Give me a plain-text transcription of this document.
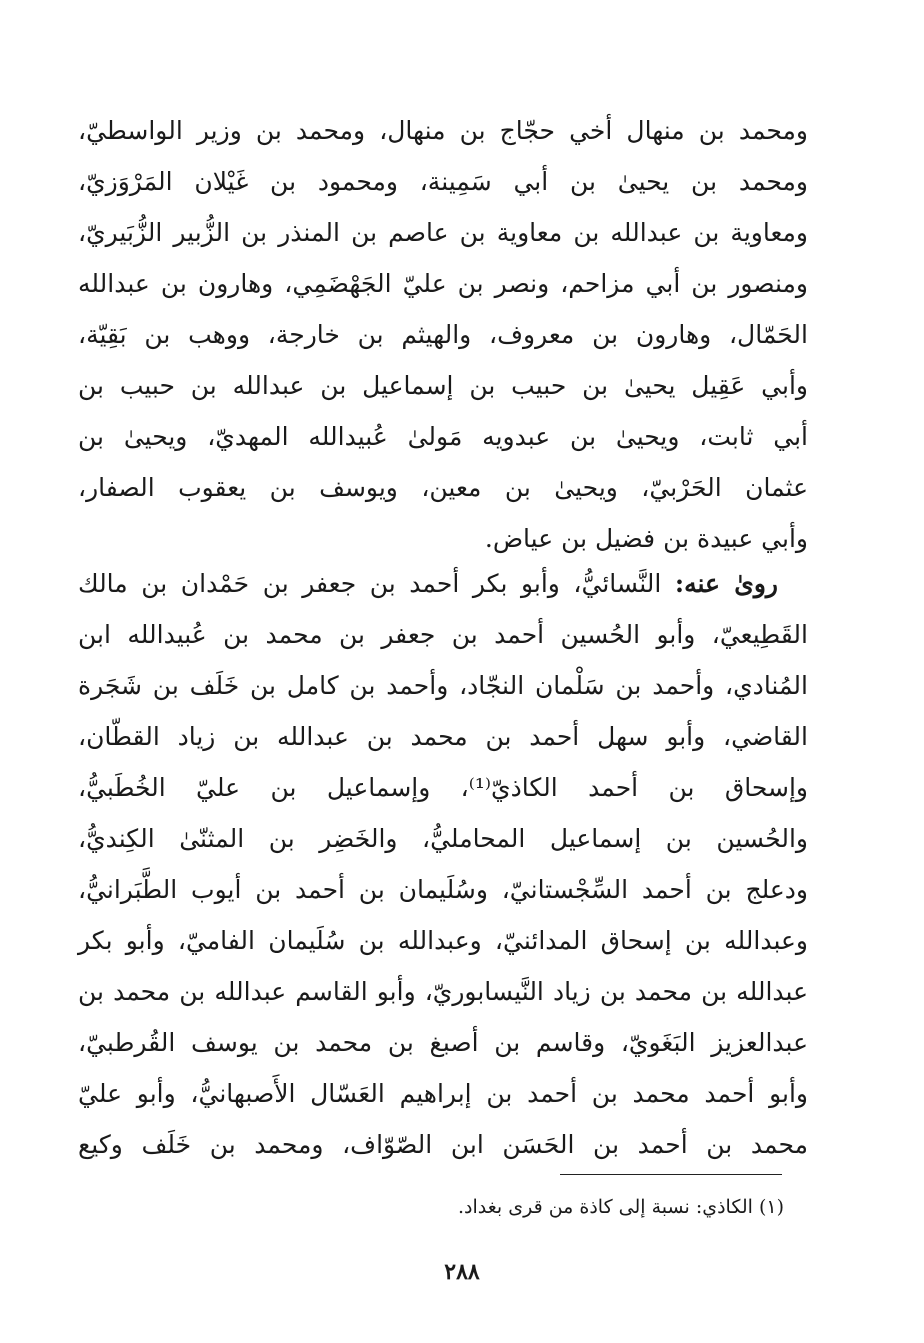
ومحمد بن منهال أخي حجّاج بن منهال، ومحمد بن وزير الواسطيّ،
ومحمد بن يحيىٰ بن أبي سَمِينة، ومحمود بن غَيْلان المَرْوَزيّ،
ومعاوية بن عبدالله بن معاوية بن عاصم بن المنذر بن الزُّبير الزُّبَيريّ،
ومنصور بن أبي مزاحم، ونصر بن عليّ الجَهْضَمِي، وهارون بن عبدالله
الحَمّال، وهارون بن معروف، والهيثم بن خارجة، ووهب بن بَقِيّة،
وأبي عَقِيل يحيىٰ بن حبيب بن إسماعيل بن عبدالله بن حبيب بن
أبي ثابت، ويحيىٰ بن عبدويه مَولىٰ عُبيدالله المهديّ، ويحيىٰ بن
عثمان الحَرْبيّ، ويحيىٰ بن معين، ويوسف بن يعقوب الصفار،
وأبي عبيدة بن فضيل بن عياض.
روىٰ عنه: النَّسائيُّ، وأبو بكر أحمد بن جعفر بن حَمْدان بن مالك
القَطِيعيّ، وأبو الحُسين أحمد بن جعفر بن محمد بن عُبيدالله ابن
المُنادي، وأحمد بن سَلْمان النجّاد، وأحمد بن كامل بن خَلَف بن شَجَرة
القاضي، وأبو سهل أحمد بن محمد بن عبدالله بن زياد القطّان،
وإسحاق بن أحمد الكاذيّ⁽¹⁾، وإسماعيل بن عليّ الخُطَبيُّ،
والحُسين بن إسماعيل المحامليُّ، والخَضِر بن المثنّىٰ الكِنديُّ،
ودعلج بن أحمد السِّجْستانيّ، وسُلَيمان بن أحمد بن أيوب الطَّبَرانيُّ،
وعبدالله بن إسحاق المدائنيّ، وعبدالله بن سُلَيمان الفاميّ، وأبو بكر
عبدالله بن محمد بن زياد النَّيسابوريّ، وأبو القاسم عبدالله بن محمد بن
عبدالعزيز البَغَويّ، وقاسم بن أصبغ بن محمد بن يوسف القُرطبيّ،
وأبو أحمد محمد بن أحمد بن إبراهيم العَسّال الأَصبهانيُّ، وأبو عليّ
محمد بن أحمد بن الحَسَن ابن الصّوّاف، ومحمد بن خَلَف وكيع
(١) الكاذي: نسبة إلى كاذة من قرى بغداد.
٢٨٨
